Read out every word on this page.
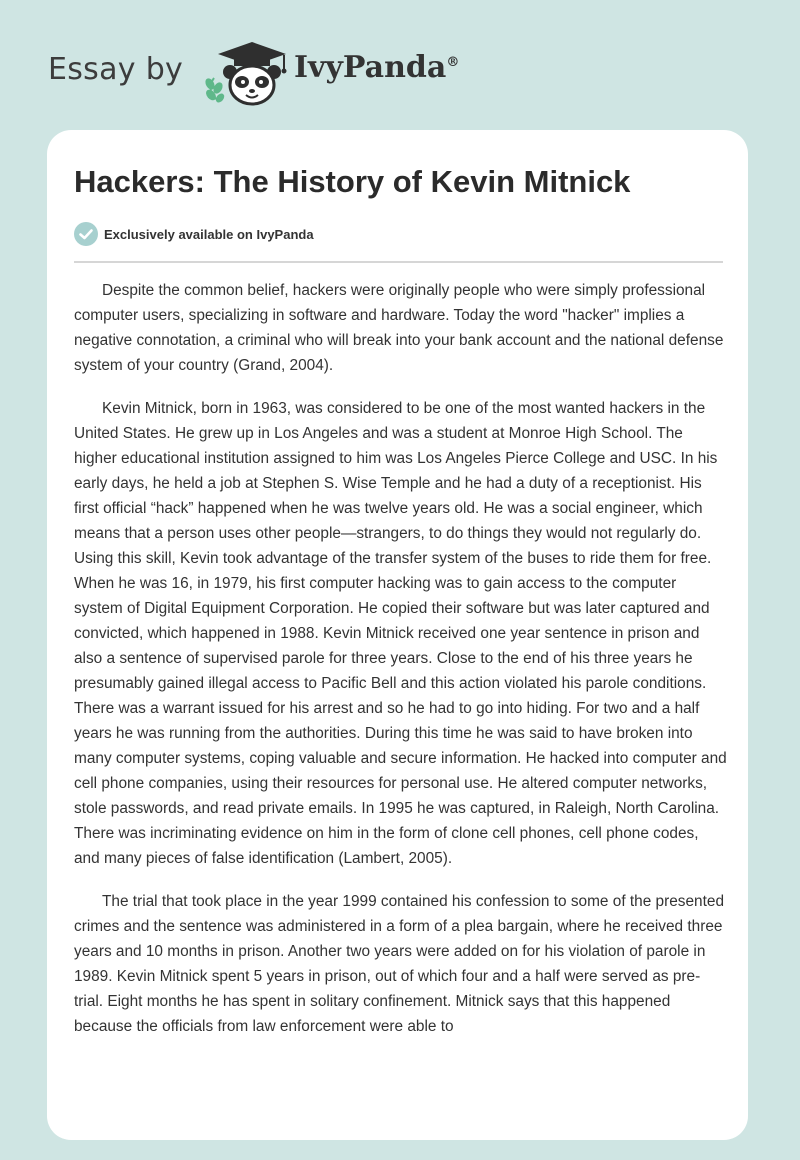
Essay by	IvyPanda®
Hackers: The History of Kevin Mitnick
Exclusively available on IvyPanda

Despite the common belief, hackers were originally people who were simply professional computer users, specializing in software and hardware. Today the word "hacker" implies a negative connotation, a criminal who will break into your bank account and the national defense system of your country (Grand, 2004).

Kevin Mitnick, born in 1963, was considered to be one of the most wanted hackers in the United States. He grew up in Los Angeles and was a student at Monroe High School. The higher educational institution assigned to him was Los Angeles Pierce College and USC. In his early days, he held a job at Stephen S. Wise Temple and he had a duty of a receptionist. His first official “hack” happened when he was twelve years old. He was a social engineer, which means that a person uses other people—strangers, to do things they would not regularly do. Using this skill, Kevin took advantage of the transfer system of the buses to ride them for free. When he was 16, in 1979, his first computer hacking was to gain access to the computer system of Digital Equipment Corporation. He copied their software but was later captured and convicted, which happened in 1988. Kevin Mitnick received one year sentence in prison and also a sentence of supervised parole for three years. Close to the end of his three years he presumably gained illegal access to Pacific Bell and this action violated his parole conditions. There was a warrant issued for his arrest and so he had to go into hiding. For two and a half years he was running from the authorities. During this time he was said to have broken into many computer systems, coping valuable and secure information. He hacked into computer and cell phone companies, using their resources for personal use. He altered computer networks, stole passwords, and read private emails. In 1995 he was captured, in Raleigh, North Carolina. There was incriminating evidence on him in the form of clone cell phones, cell phone codes, and many pieces of false identification (Lambert, 2005).

The trial that took place in the year 1999 contained his confession to some of the presented crimes and the sentence was administered in a form of a plea bargain, where he received three years and 10 months in prison. Another two years were added on for his violation of parole in 1989. Kevin Mitnick spent 5 years in prison, out of which four and a half were served as pre-trial. Eight months he has spent in solitary confinement. Mitnick says that this happened because the officials from law enforcement were able to
